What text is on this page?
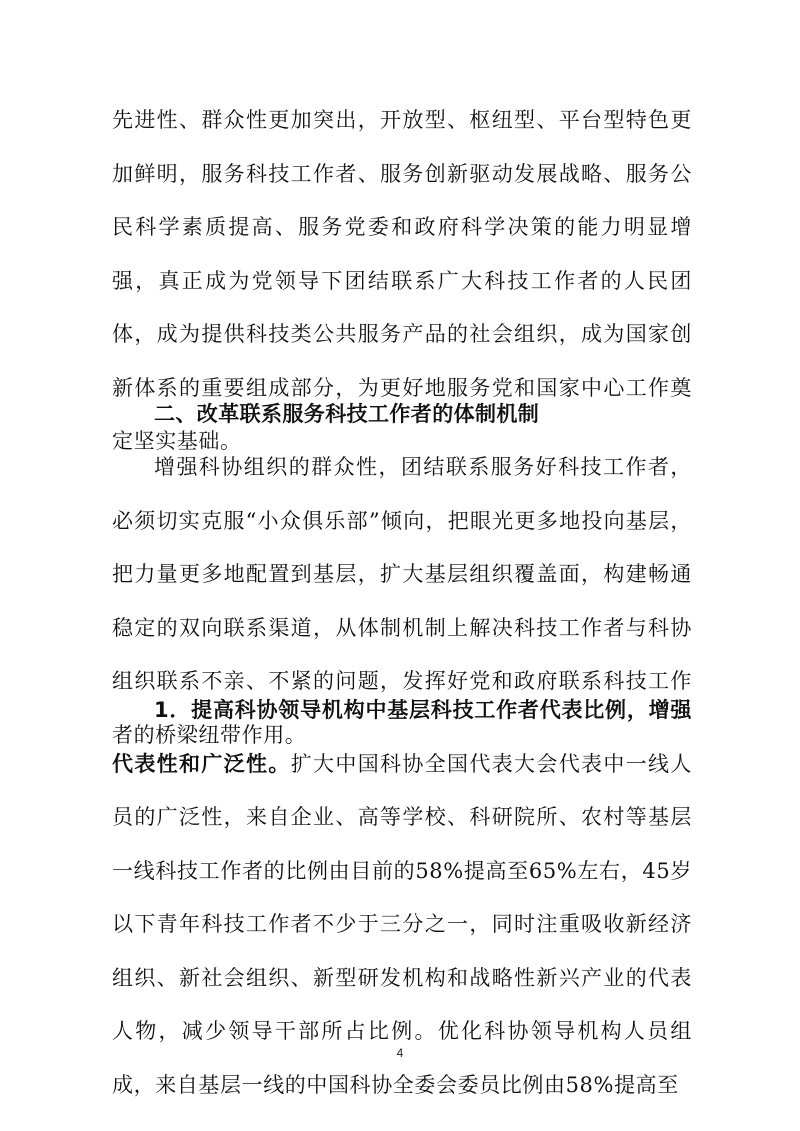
先进性、群众性更加突出，开放型、枢纽型、平台型特色更加鲜明，服务科技工作者、服务创新驱动发展战略、服务公民科学素质提高、服务党委和政府科学决策的能力明显增强，真正成为党领导下团结联系广大科技工作者的人民团体，成为提供科技类公共服务产品的社会组织，成为国家创新体系的重要组成部分，为更好地服务党和国家中心工作奠定坚实基础。

二、改革联系服务科技工作者的体制机制

增强科协组织的群众性，团结联系服务好科技工作者，必须切实克服“小众俱乐部”倾向，把眼光更多地投向基层，把力量更多地配置到基层，扩大基层组织覆盖面，构建畅通稳定的双向联系渠道，从体制机制上解决科技工作者与科协组织联系不亲、不紧的问题，发挥好党和政府联系科技工作者的桥梁纽带作用。

1．提高科协领导机构中基层科技工作者代表比例，增强代表性和广泛性。扩大中国科协全国代表大会代表中一线人员的广泛性，来自企业、高等学校、科研院所、农村等基层一线科技工作者的比例由目前的58%提高至65%左右，45岁以下青年科技工作者不少于三分之一，同时注重吸收新经济组织、新社会组织、新型研发机构和战略性新兴产业的代表人物，减少领导干部所占比例。优化科协领导机构人员组成，来自基层一线的中国科协全委会委员比例由58%提高至

4
